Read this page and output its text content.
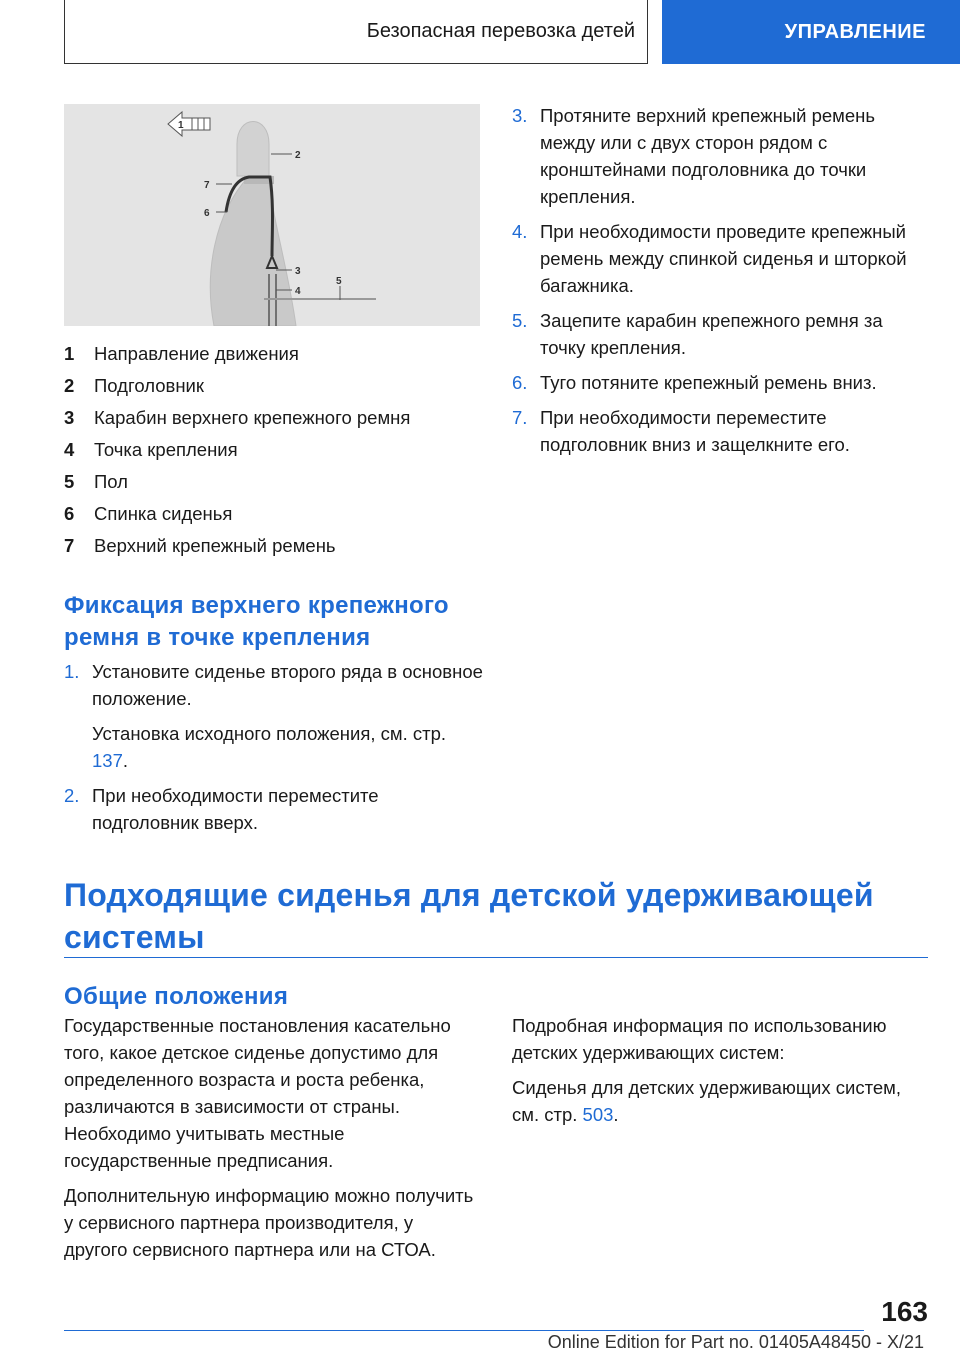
Безопасная перевозка детей	УПРАВЛЕНИЕ
1
2
3
4
5
6
7
1	Направление движения
2	Подголовник
3	Карабин верхнего крепежного ремня
4	Точка крепления
5	Пол
6	Спинка сиденья
7	Верхний крепежный ремень
Фиксация верхнего крепежного ремня в точке крепления
1. Установите сиденье второго ряда в основное положение.

Установка исходного положения, см. стр. 137.

2. При необходимости переместите подголовник вверх.

3. Протяните верхний крепежный ремень между или с двух сторон рядом с кронштейнами подголовника до точки крепления.

4. При необходимости проведите крепежный ремень между спинкой сиденья и шторкой багажника.

5. Зацепите карабин крепежного ремня за точку крепления.

6. Туго потяните крепежный ремень вниз.

7. При необходимости переместите подголовник вниз и защелкните его.

Подходящие сиденья для детской удерживающей системы
Общие положения

Государственные постановления касательно того, какое детское сиденье допустимо для определенного возраста и роста ребенка, различаются в зависимости от страны. Необходимо учитывать местные государственные предписания.

Дополнительную информацию можно получить у сервисного партнера производителя, у другого сервисного партнера или на СТОА.

Подробная информация по использованию детских удерживающих систем:

Сиденья для детских удерживающих систем, см. стр. 503.

163
Online Edition for Part no. 01405A48450 - X/21
